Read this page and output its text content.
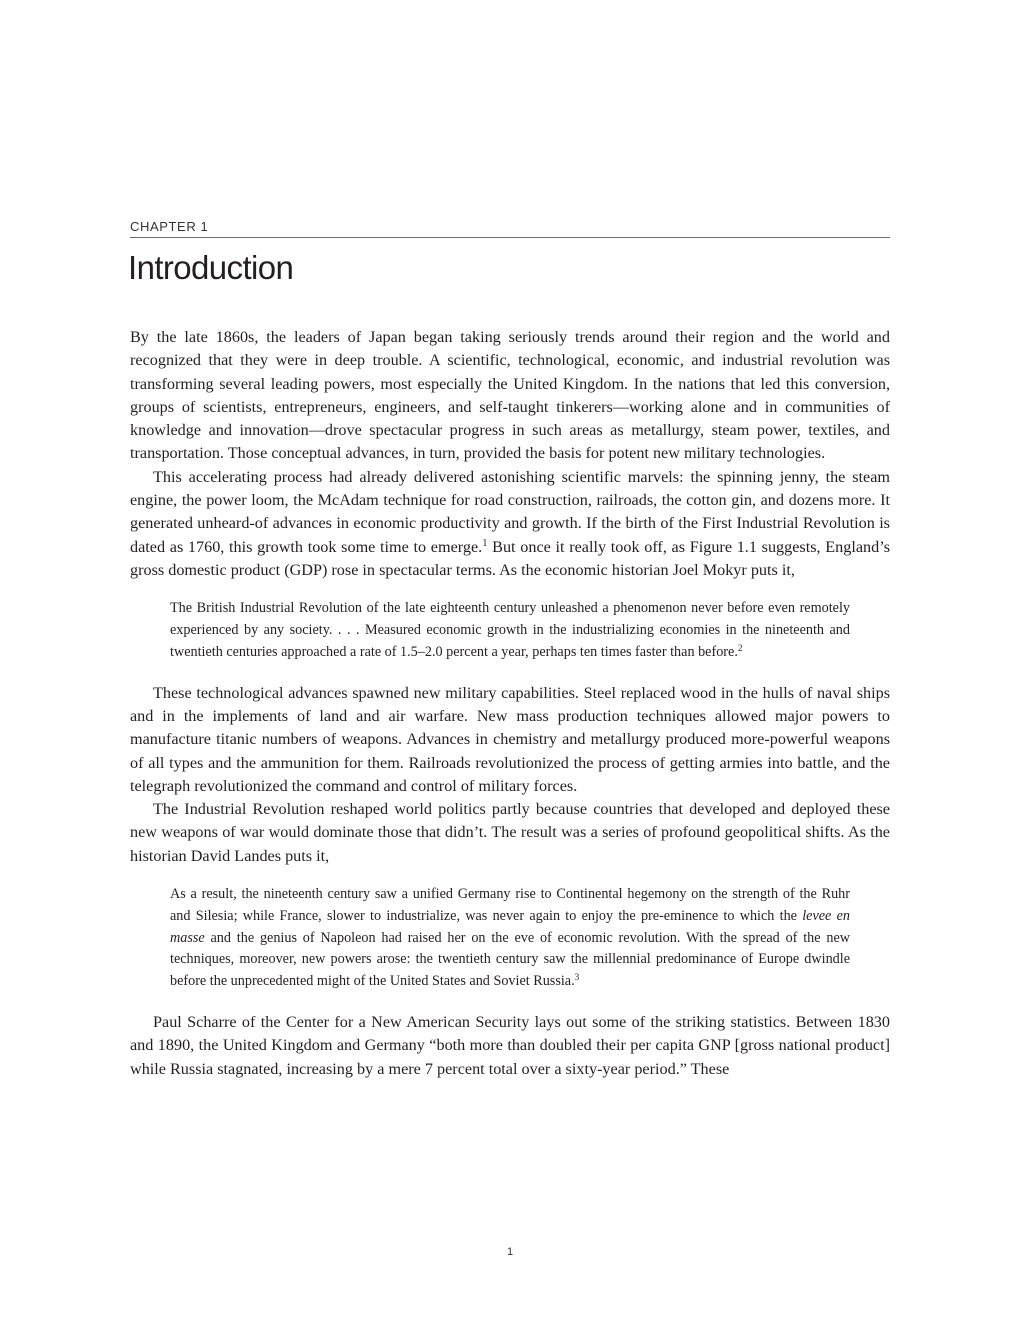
CHAPTER 1
Introduction

By the late 1860s, the leaders of Japan began taking seriously trends around their region and the world and recognized that they were in deep trouble. A scientific, technological, economic, and industrial revolution was transforming several leading powers, most especially the United Kingdom. In the nations that led this conversion, groups of scientists, entrepreneurs, engineers, and self-taught tinkerers—working alone and in communities of knowledge and innovation—drove spectacular progress in such areas as metallurgy, steam power, textiles, and transportation. Those conceptual advances, in turn, provided the basis for potent new military technologies.

This accelerating process had already delivered astonishing scientific marvels: the spinning jenny, the steam engine, the power loom, the McAdam technique for road construction, railroads, the cotton gin, and dozens more. It generated unheard-of advances in economic productivity and growth. If the birth of the First Industrial Revolution is dated as 1760, this growth took some time to emerge.$^1$ But once it really took off, as Figure 1.1 suggests, England’s gross domestic product (GDP) rose in spectacular terms. As the economic historian Joel Mokyr puts it,

The British Industrial Revolution of the late eighteenth century unleashed a phenomenon never before even remotely experienced by any society. . . . Measured economic growth in the industrializing economies in the nineteenth and twentieth centuries approached a rate of 1.5–2.0 percent a year, perhaps ten times faster than before.$^2$

These technological advances spawned new military capabilities. Steel replaced wood in the hulls of naval ships and in the implements of land and air warfare. New mass production techniques allowed major powers to manufacture titanic numbers of weapons. Advances in chemistry and metallurgy produced more-powerful weapons of all types and the ammunition for them. Railroads revolutionized the process of getting armies into battle, and the telegraph revolutionized the command and control of military forces.

The Industrial Revolution reshaped world politics partly because countries that developed and deployed these new weapons of war would dominate those that didn’t. The result was a series of profound geopolitical shifts. As the historian David Landes puts it,

As a result, the nineteenth century saw a unified Germany rise to Continental hegemony on the strength of the Ruhr and Silesia; while France, slower to industrialize, was never again to enjoy the pre-eminence to which the levee en masse and the genius of Napoleon had raised her on the eve of economic revolution. With the spread of the new techniques, moreover, new powers arose: the twentieth century saw the millennial predominance of Europe dwindle before the unprecedented might of the United States and Soviet Russia.$^3$

Paul Scharre of the Center for a New American Security lays out some of the striking statistics. Between 1830 and 1890, the United Kingdom and Germany “both more than doubled their per capita GNP [gross national product] while Russia stagnated, increasing by a mere 7 percent total over a sixty-year period.” These

1
